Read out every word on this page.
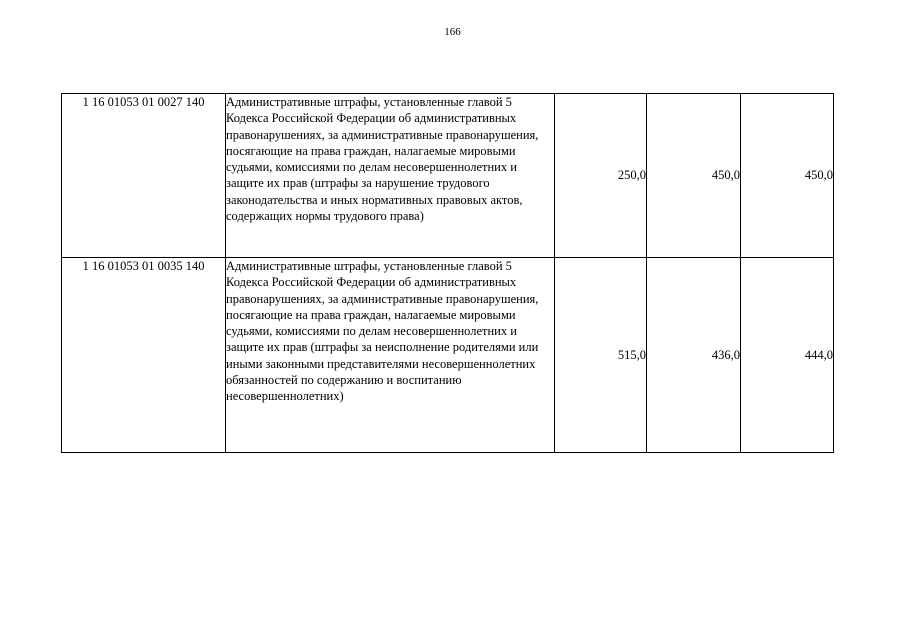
166
1 16 01053 01 0027 140	Административные штрафы, установленные главой 5 Кодекса Российской Федерации об административных правонарушениях, за административные правонарушения, посягающие на права граждан, налагаемые мировыми судьями, комиссиями по делам несовершеннолетних и защите их прав (штрафы за нарушение трудового законодательства и иных нормативных правовых актов, содержащих нормы трудового права)	250,0	450,0	450,0
1 16 01053 01 0035 140	Административные штрафы, установленные главой 5 Кодекса Российской Федерации об административных правонарушениях, за административные правонарушения, посягающие на права граждан, налагаемые мировыми судьями, комиссиями по делам несовершеннолетних и защите их прав (штрафы за неисполнение родителями или иными законными представителями несовершеннолетних обязанностей по содержанию и воспитанию несовершеннолетних)	515,0	436,0	444,0
